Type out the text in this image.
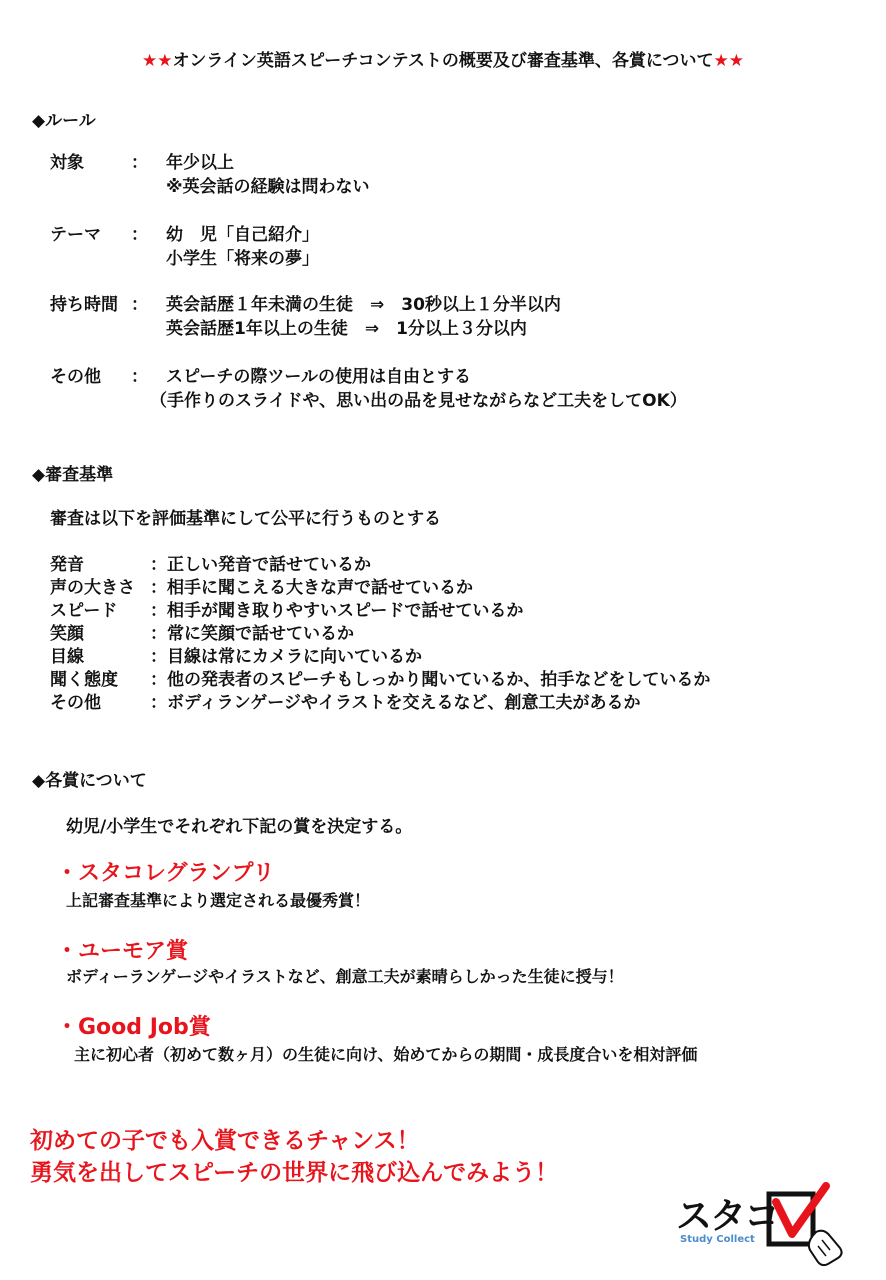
★★オンライン英語スピーチコンテストの概要及び審査基準、各賞について★★
◆ルール
対象	： 年少以上
※英会話の経験は問わない
テーマ ： 幼　児「自己紹介」
小学生「将来の夢」
持ち時間 ： 英会話歴１年未満の生徒　⇒　30秒以上１分半以内
英会話歴1年以上の生徒　⇒　1分以上３分以内
その他 ： スピーチの際ツールの使用は自由とする
（手作りのスライドや、思い出の品を見せながらなど工夫をしてOK）
◆審査基準
審査は以下を評価基準にして公平に行うものとする
発音	：正しい発音で話せているか
声の大きさ ：相手に聞こえる大きな声で話せているか
スピード ：相手が聞き取りやすいスピードで話せているか
笑顔	：常に笑顔で話せているか
目線	：目線は常にカメラに向いているか
聞く態度 ：他の発表者のスピーチもしっかり聞いているか、拍手などをしているか
その他	：ボディランゲージやイラストを交えるなど、創意工夫があるか
◆各賞について
幼児/小学生でそれぞれ下記の賞を決定する。
・スタコレグランプリ
上記審査基準により選定される最優秀賞！
・ユーモア賞
ボディーランゲージやイラストなど、創意工夫が素晴らしかった生徒に授与！
・Good Job賞
主に初心者（初めて数ヶ月）の生徒に向け、始めてからの期間・成長度合いを相対評価
初めての子でも入賞できるチャンス！
勇気を出してスピーチの世界に飛び込んでみよう！
スタコ
Study Collect
